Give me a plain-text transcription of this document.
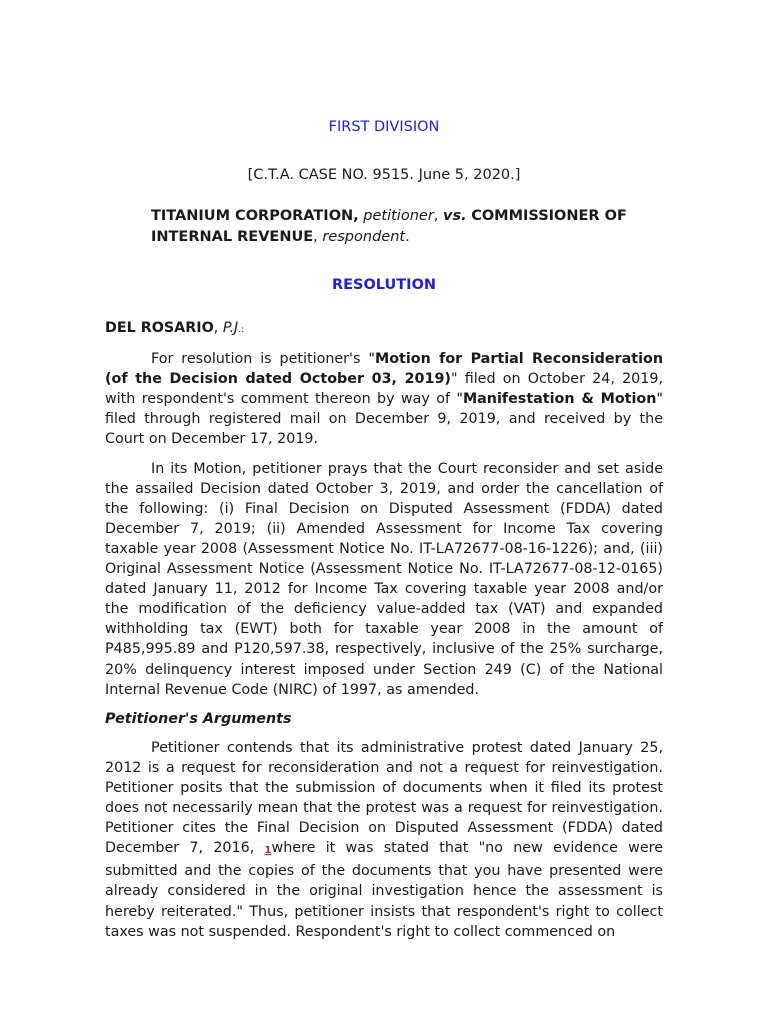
FIRST DIVISION
[C.T.A. CASE NO. 9515. June 5, 2020.]
TITANIUM CORPORATION, petitioner, vs. COMMISSIONER OF INTERNAL REVENUE, respondent.
RESOLUTION

DEL ROSARIO, P.J.:

For resolution is petitioner's "Motion for Partial Reconsideration (of the Decision dated October 03, 2019)" filed on October 24, 2019, with respondent's comment thereon by way of "Manifestation & Motion" filed through registered mail on December 9, 2019, and received by the Court on December 17, 2019.

In its Motion, petitioner prays that the Court reconsider and set aside the assailed Decision dated October 3, 2019, and order the cancellation of the following: (i) Final Decision on Disputed Assessment (FDDA) dated December 7, 2019; (ii) Amended Assessment for Income Tax covering taxable year 2008 (Assessment Notice No. IT-LA72677-08-16-1226); and, (iii) Original Assessment Notice (Assessment Notice No. IT-LA72677-08-12-0165) dated January 11, 2012 for Income Tax covering taxable year 2008 and/or the modification of the deficiency value-added tax (VAT) and expanded withholding tax (EWT) both for taxable year 2008 in the amount of P485,995.89 and P120,597.38, respectively, inclusive of the 25% surcharge, 20% delinquency interest imposed under Section 249 (C) of the National Internal Revenue Code (NIRC) of 1997, as amended.

Petitioner's Arguments

Petitioner contends that its administrative protest dated January 25, 2012 is a request for reconsideration and not a request for reinvestigation. Petitioner posits that the submission of documents when it filed its protest does not necessarily mean that the protest was a request for reinvestigation. Petitioner cites the Final Decision on Disputed Assessment (FDDA) dated December 7, 2016, 1where it was stated that "no new evidence were submitted and the copies of the documents that you have presented were already considered in the original investigation hence the assessment is hereby reiterated." Thus, petitioner insists that respondent's right to collect taxes was not suspended. Respondent's right to collect commenced on
